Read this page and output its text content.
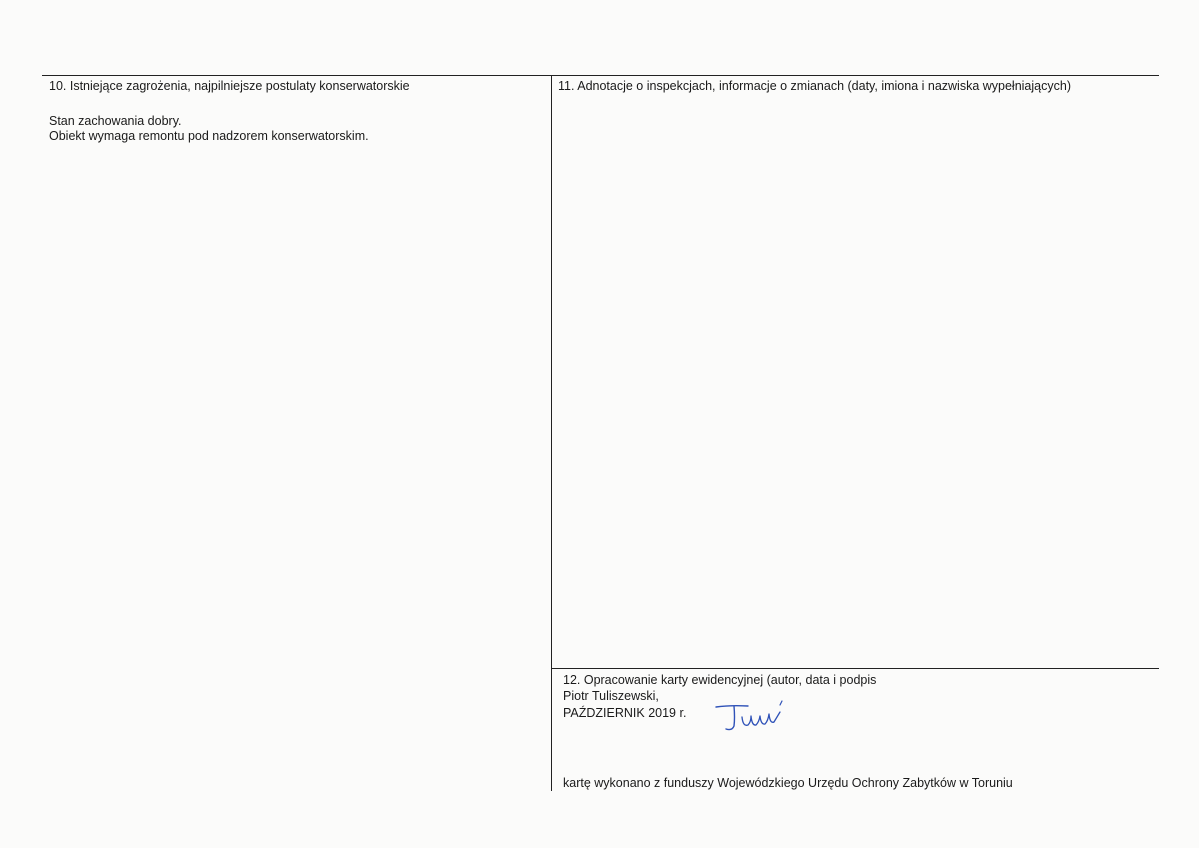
10. Istniejące zagrożenia, najpilniejsze postulaty konserwatorskie
Stan zachowania dobry.
Obiekt wymaga remontu pod nadzorem konserwatorskim.
11. Adnotacje o inspekcjach, informacje o zmianach (daty, imiona i nazwiska wypełniających)
12. Opracowanie karty ewidencyjnej (autor, data i podpis
Piotr Tuliszewski,
PAŹDZIERNIK 2019 r.
kartę wykonano z funduszy Wojewódzkiego Urzędu Ochrony Zabytków w Toruniu
